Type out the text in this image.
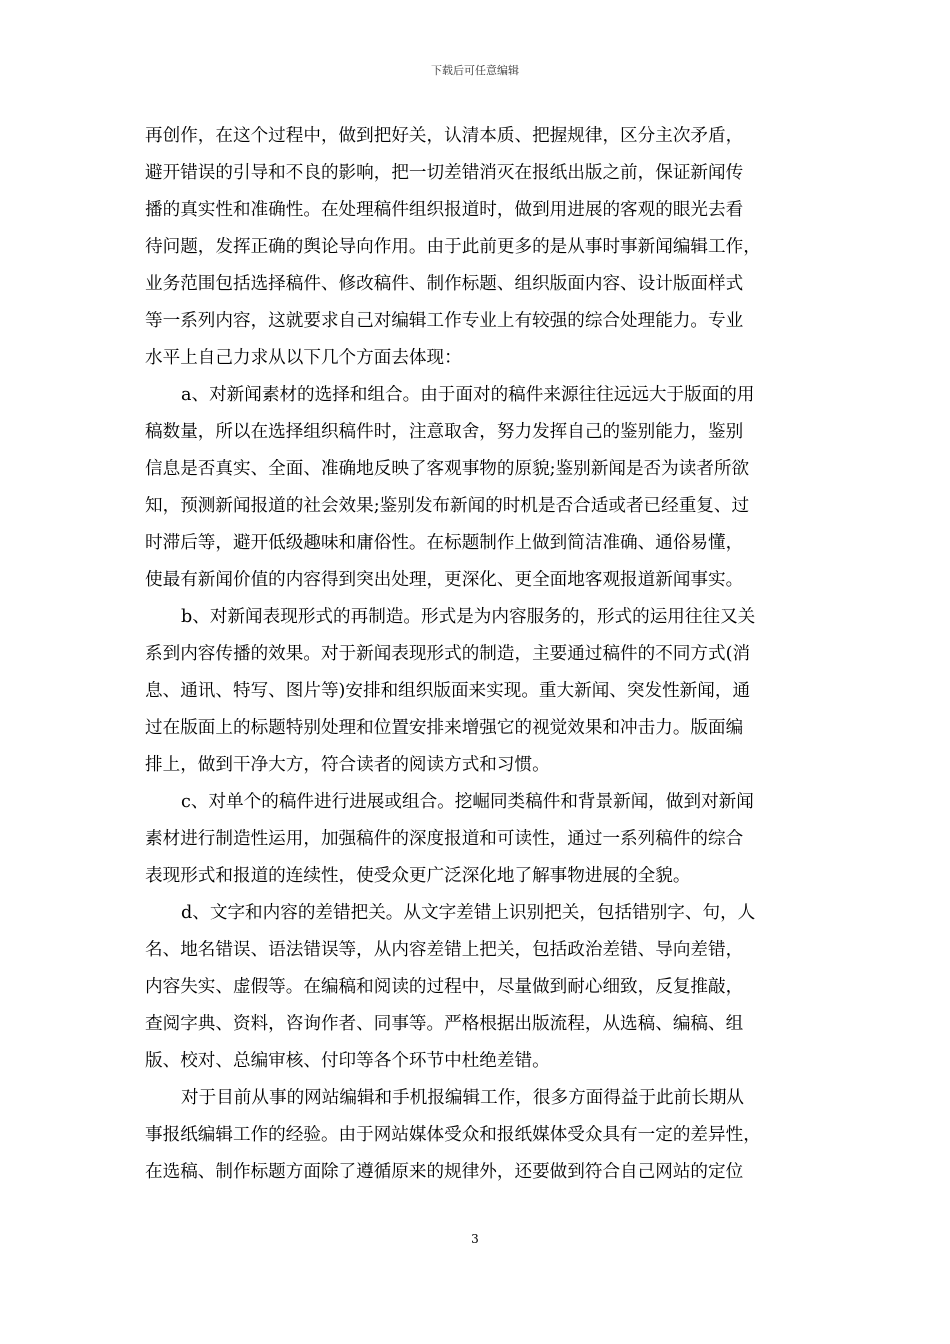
下载后可任意编辑
再创作，在这个过程中，做到把好关，认清本质、把握规律，区分主次矛盾，
避开错误的引导和不良的影响，把一切差错消灭在报纸出版之前，保证新闻传
播的真实性和准确性。在处理稿件组织报道时，做到用进展的客观的眼光去看
待问题，发挥正确的舆论导向作用。由于此前更多的是从事时事新闻编辑工作，
业务范围包括选择稿件、修改稿件、制作标题、组织版面内容、设计版面样式
等一系列内容，这就要求自己对编辑工作专业上有较强的综合处理能力。专业
水平上自己力求从以下几个方面去体现：
a、对新闻素材的选择和组合。由于面对的稿件来源往往远远大于版面的用
稿数量，所以在选择组织稿件时，注意取舍，努力发挥自己的鉴别能力，鉴别
信息是否真实、全面、准确地反映了客观事物的原貌;鉴别新闻是否为读者所欲
知，预测新闻报道的社会效果;鉴别发布新闻的时机是否合适或者已经重复、过
时滞后等，避开低级趣味和庸俗性。在标题制作上做到简洁准确、通俗易懂，
使最有新闻价值的内容得到突出处理，更深化、更全面地客观报道新闻事实。
b、对新闻表现形式的再制造。形式是为内容服务的，形式的运用往往又关
系到内容传播的效果。对于新闻表现形式的制造，主要通过稿件的不同方式(消
息、通讯、特写、图片等)安排和组织版面来实现。重大新闻、突发性新闻，通
过在版面上的标题特别处理和位置安排来增强它的视觉效果和冲击力。版面编
排上，做到干净大方，符合读者的阅读方式和习惯。
c、对单个的稿件进行进展或组合。挖崛同类稿件和背景新闻，做到对新闻
素材进行制造性运用，加强稿件的深度报道和可读性，通过一系列稿件的综合
表现形式和报道的连续性，使受众更广泛深化地了解事物进展的全貌。
d、文字和内容的差错把关。从文字差错上识别把关，包括错别字、句，人
名、地名错误、语法错误等，从内容差错上把关，包括政治差错、导向差错，
内容失实、虚假等。在编稿和阅读的过程中，尽量做到耐心细致，反复推敲，
查阅字典、资料，咨询作者、同事等。严格根据出版流程，从选稿、编稿、组
版、校对、总编审核、付印等各个环节中杜绝差错。
对于目前从事的网站编辑和手机报编辑工作，很多方面得益于此前长期从
事报纸编辑工作的经验。由于网站媒体受众和报纸媒体受众具有一定的差异性，
在选稿、制作标题方面除了遵循原来的规律外，还要做到符合自己网站的定位
3
